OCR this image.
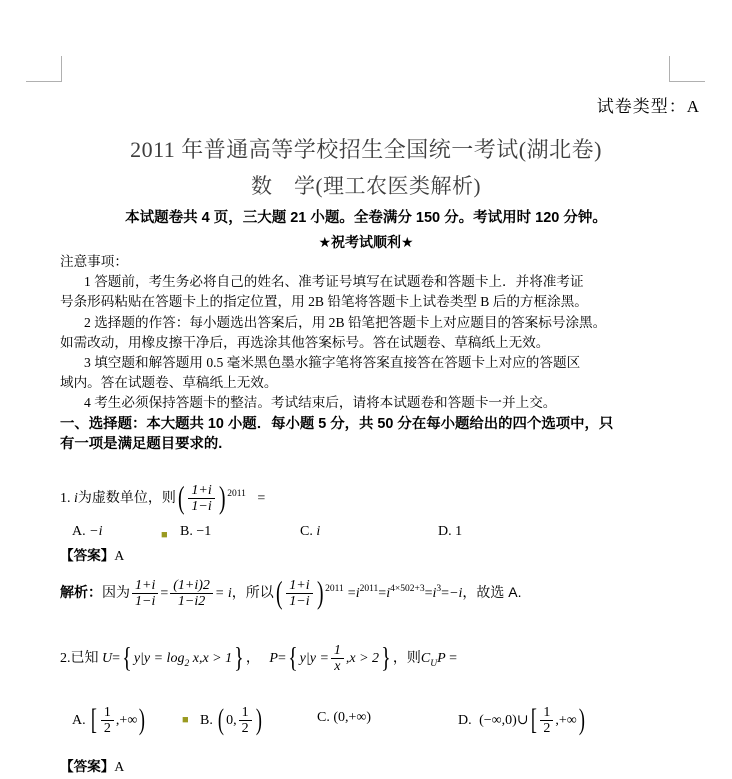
试卷类型：A
2011 年普通高等学校招生全国统一考试(湖北卷)
数　学(理工农医类解析)
本试题卷共 4 页，三大题 21 小题。全卷满分 150 分。考试用时 120 分钟。
★祝考试顺利★
注意事项：
1 答题前，考生务必将自己的姓名、准考证号填写在试题卷和答题卡上．并将准考证
号条形码粘贴在答题卡上的指定位置，用 2B 铅笔将答题卡上试卷类型 B 后的方框涂黑。
2 选择题的作答：每小题选出答案后，用 2B 铅笔把答题卡上对应题目的答案标号涂黑。
如需改动，用橡皮擦干净后，再选涂其他答案标号。答在试题卷、草稿纸上无效。
3 填空题和解答题用 0.5 毫米黑色墨水箍字笔将答案直接答在答题卡上对应的答题区
域内。答在试题卷、草稿纸上无效。
4 考生必须保持答题卡的整洁。考试结束后，请将本试题卷和答题卡一并上交。
一、选择题：本大题共 10 小题．每小题 5 分，共 50 分在每小题给出的四个选项中，只
有一项是满足题目要求的.
1. i为虚数单位，则( $\frac{1+i}{1-i}$ ) $^{2011}$ =
A. −i	■ B. −1	C. i	D. 1
【答案】A
解析：因为 $\frac{1+i}{1-i} = \frac{(1+i)2}{1-i2} = i$，所以( $\frac{1+i}{1-i}$ ) $^{2011} =i^{2011}=i^{4\times 502+3}=i^3=-i$，故选 A.
2.已知 U={ $y|y = \log_2 x,x > 1$} ， P={ $y|y = \frac{1}{x} ,x > 2$} ，则$C_UP$ =
A. [ $\frac{1}{2}$ ,+∞)	■ B. ( 0, $\frac{1}{2}$ )	C. (0,+∞)	D. (−∞,0)∪[ $\frac{1}{2}$ ,+∞)
【答案】A
